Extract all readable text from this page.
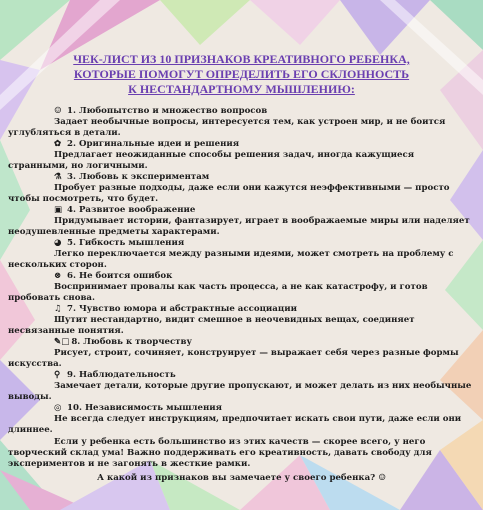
ЧЕК-ЛИСТ ИЗ 10 ПРИЗНАКОВ КРЕАТИВНОГО РЕБЕНКА,
КОТОРЫЕ ПОМОГУТ ОПРЕДЕЛИТЬ ЕГО СКЛОННОСТЬ
К НЕСТАНДАРТНОМУ МЫШЛЕНИЮ:
☺ 1. Любопытство и множество вопросов
Задает необычные вопросы, интересуется тем, как устроен мир, и не боится углубляться в детали.
✿ 2. Оригинальные идеи и решения
Предлагает неожиданные способы решения задач, иногда кажущиеся странными, но логичными.
⚗ 3. Любовь к экспериментам
Пробует разные подходы, даже если они кажутся неэффективными — просто чтобы посмотреть, что будет.
▣ 4. Развитое воображение
Придумывает истории, фантазирует, играет в воображаемые миры или наделяет неодушевленные предметы характерами.
◕ 5. Гибкость мышления
Легко переключается между разными идеями, может смотреть на проблему с нескольких сторон.
⊗ 6. Не боится ошибок
Воспринимает провалы как часть процесса, а не как катастрофу, и готов пробовать снова.
♫ 7. Чувство юмора и абстрактные ассоциации
Шутит нестандартно, видит смешное в неочевидных вещах, соединяет несвязанные понятия.
✎□ 8. Любовь к творчеству
Рисует, строит, сочиняет, конструирует — выражает себя через разные формы искусства.
⚲ 9. Наблюдательность
Замечает детали, которые другие пропускают, и может делать из них необычные выводы.
◎ 10. Независимость мышления
Не всегда следует инструкциям, предпочитает искать свои пути, даже если они длиннее.
Если у ребенка есть большинство из этих качеств — скорее всего, у него творческий склад ума! Важно поддерживать его креативность, давать свободу для экспериментов и не загонять в жесткие рамки.
А какой из признаков вы замечаете у своего ребенка? ☺
